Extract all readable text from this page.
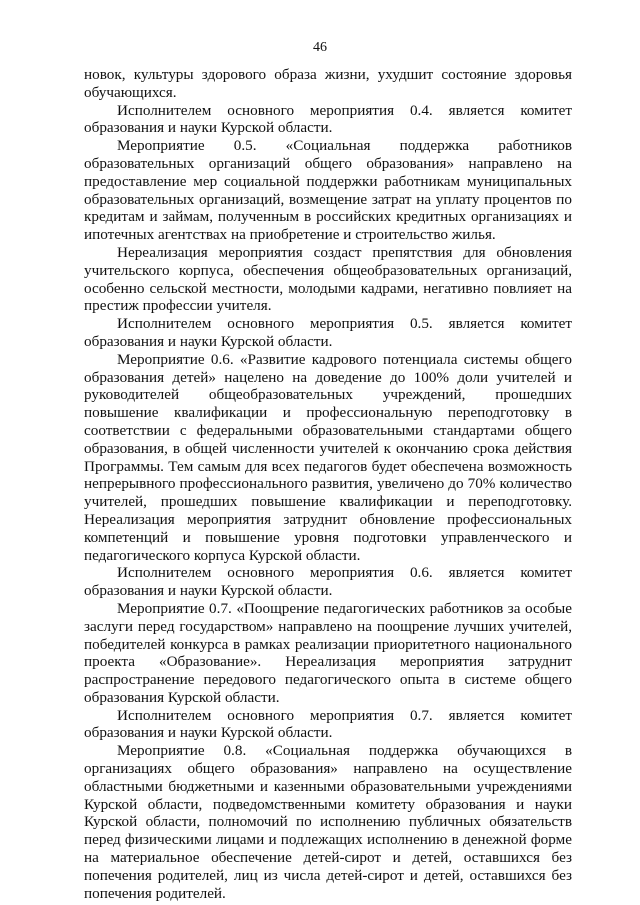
46

новок, культуры здорового образа жизни, ухудшит состояние здоровья обучающихся.

Исполнителем основного мероприятия 0.4. является комитет образования и науки Курской области.

Мероприятие 0.5. «Социальная поддержка работников образовательных организаций общего образования» направлено на предоставление мер социальной поддержки работникам муниципальных образовательных организаций, возмещение затрат на уплату процентов по кредитам и займам, полученным в российских кредитных организациях и ипотечных агентствах на приобретение и строительство жилья.

Нереализация мероприятия создаст препятствия для обновления учительского корпуса, обеспечения общеобразовательных организаций, особенно сельской местности, молодыми кадрами, негативно повлияет на престиж профессии учителя.

Исполнителем основного мероприятия 0.5. является комитет образования и науки Курской области.

Мероприятие 0.6. «Развитие кадрового потенциала системы общего образования детей» нацелено на доведение до 100% доли учителей и руководителей общеобразовательных учреждений, прошедших повышение квалификации и профессиональную переподготовку в соответствии с федеральными образовательными стандартами общего образования, в общей численности учителей к окончанию срока действия Программы. Тем самым для всех педагогов будет обеспечена возможность непрерывного профессионального развития, увеличено до 70% количество учителей, прошедших повышение квалификации и переподготовку. Нереализация мероприятия затруднит обновление профессиональных компетенций и повышение уровня подготовки управленческого и педагогического корпуса Курской области.

Исполнителем основного мероприятия 0.6. является комитет образования и науки Курской области.

Мероприятие 0.7. «Поощрение педагогических работников за особые заслуги перед государством» направлено на поощрение лучших учителей, победителей конкурса в рамках реализации приоритетного национального проекта «Образование». Нереализация мероприятия затруднит распространение передового педагогического опыта в системе общего образования Курской области.

Исполнителем основного мероприятия 0.7. является комитет образования и науки Курской области.

Мероприятие 0.8. «Социальная поддержка обучающихся в организациях общего образования» направлено на осуществление областными бюджетными и казенными образовательными учреждениями Курской области, подведомственными комитету образования и науки Курской области, полномочий по исполнению публичных обязательств перед физическими лицами и подлежащих исполнению в денежной форме на материальное обеспечение детей-сирот и детей, оставшихся без попечения родителей, лиц из числа детей-сирот и детей, оставшихся без попечения родителей.
